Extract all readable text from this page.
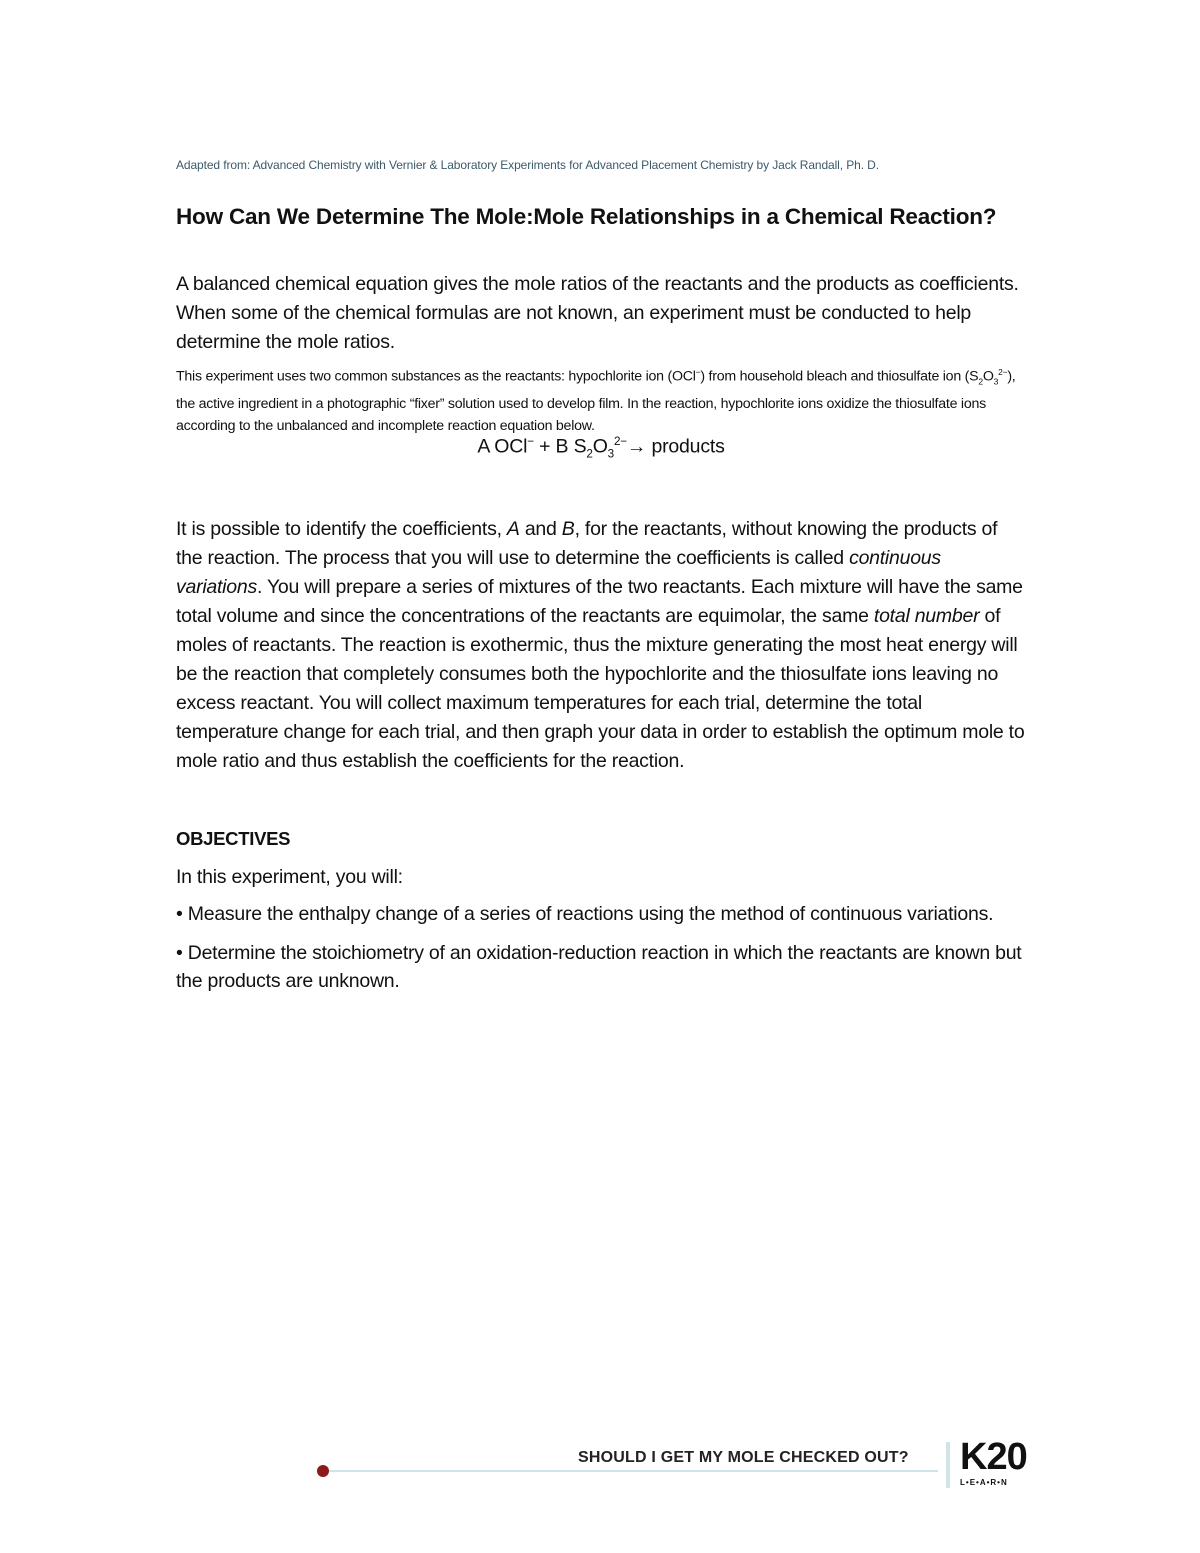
Adapted from: Advanced Chemistry with Vernier & Laboratory Experiments for Advanced Placement Chemistry by Jack Randall, Ph. D.

How Can We Determine The Mole:Mole Relationships in a Chemical Reaction?

A balanced chemical equation gives the mole ratios of the reactants and the products as coefficients. When some of the chemical formulas are not known, an experiment must be conducted to help determine the mole ratios.

This experiment uses two common substances as the reactants: hypochlorite ion (OCl−) from household bleach and thiosulfate ion $(S_2O_3^{2-})$, the active ingredient in a photographic “fixer” solution used to develop film. In the reaction, hypochlorite ions oxidize the thiosulfate ions according to the unbalanced and incomplete reaction equation below.

A OCl− + B $S_2O_3^{2-}\to$ products

It is possible to identify the coefficients, A and B, for the reactants, without knowing the products of the reaction. The process that you will use to determine the coefficients is called continuous variations. You will prepare a series of mixtures of the two reactants. Each mixture will have the same total volume and since the concentrations of the reactants are equimolar, the same total number of moles of reactants. The reaction is exothermic, thus the mixture generating the most heat energy will be the reaction that completely consumes both the hypochlorite and the thiosulfate ions leaving no excess reactant. You will collect maximum temperatures for each trial, determine the total temperature change for each trial, and then graph your data in order to establish the optimum mole to mole ratio and thus establish the coefficients for the reaction.

OBJECTIVES

In this experiment, you will:

• Measure the enthalpy change of a series of reactions using the method of continuous variations.

• Determine the stoichiometry of an oxidation-reduction reaction in which the reactants are known but the products are unknown.

SHOULD I GET MY MOLE CHECKED OUT? K20
L•E•A•R•N
